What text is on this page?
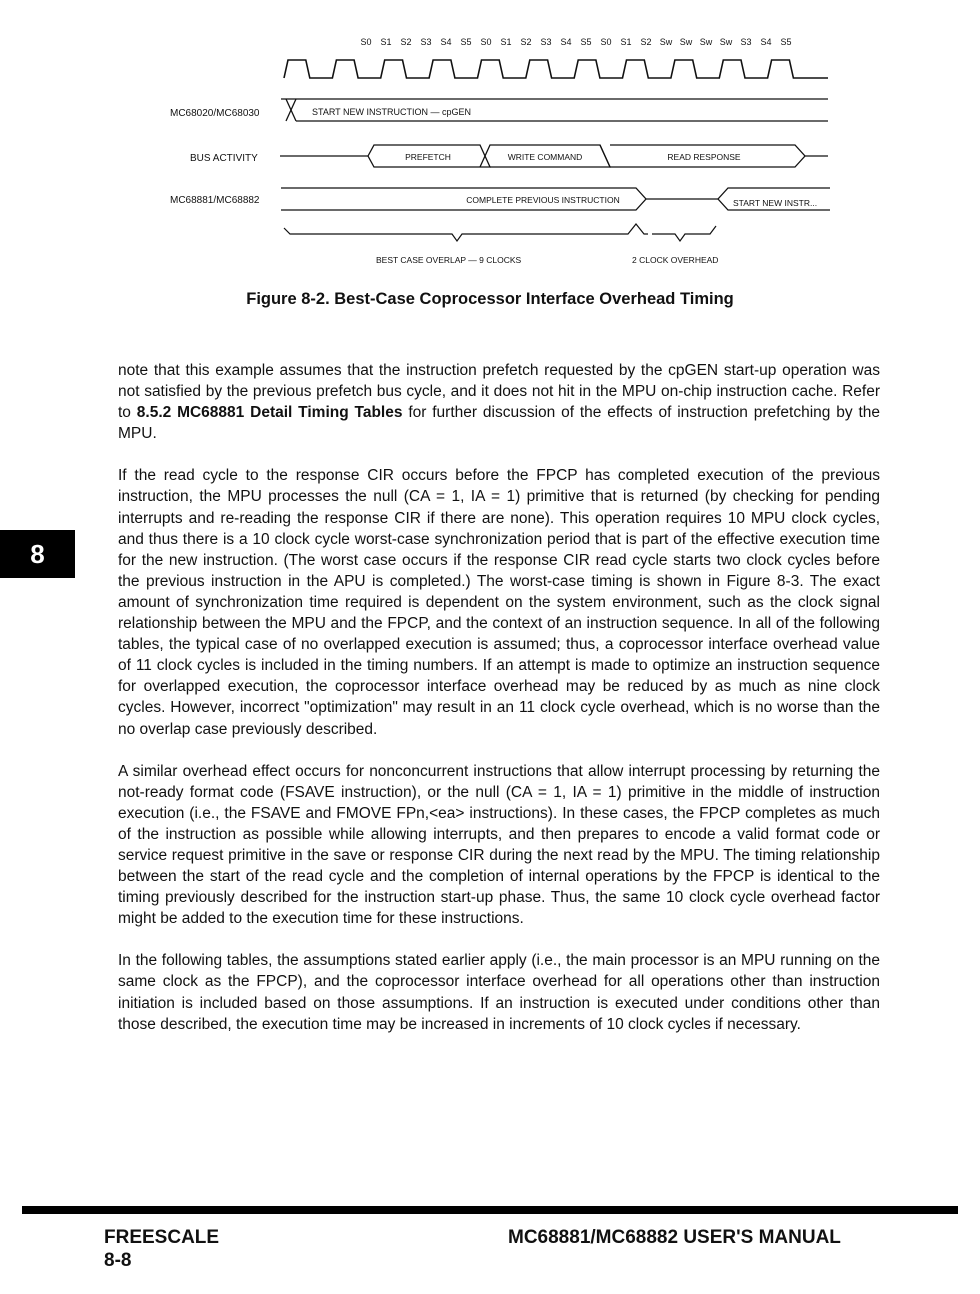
S0 S1 S2 S3 S4 S5 S0 S1 S2 S3 S4 S5 S0 S1 S2 Sw Sw Sw Sw S3 S4 S5
MC68020/MC68030	START NEW INSTRUCTION — cpGEN
BUS ACTIVITY	PREFETCH	WRITE COMMAND	READ RESPONSE
MC68881/MC68882	COMPLETE PREVIOUS INSTRUCTION	START NEW INSTR...
BEST CASE OVERLAP — 9 CLOCKS	2 CLOCK OVERHEAD
Figure 8-2. Best-Case Coprocessor Interface Overhead Timing

note that this example assumes that the instruction prefetch requested by the cpGEN start-up operation was not satisfied by the previous prefetch bus cycle, and it does not hit in the MPU on-chip instruction cache. Refer to 8.5.2 MC68881 Detail Timing Tables for further discussion of the effects of instruction prefetching by the MPU.

If the read cycle to the response CIR occurs before the FPCP has completed execution of the previous instruction, the MPU processes the null (CA = 1, IA = 1) primitive that is returned (by checking for pending interrupts and re-reading the response CIR if there are none). This operation requires 10 MPU clock cycles, and thus there is a 10 clock cycle worst-case synchronization period that is part of the effective execution time for the new instruction. (The worst case occurs if the response CIR read cycle starts two clock cycles before the previous instruction in the APU is completed.) The worst-case timing is shown in Figure 8-3. The exact amount of synchronization time required is dependent on the system environment, such as the clock signal relationship between the MPU and the FPCP, and the context of an instruction sequence. In all of the following tables, the typical case of no overlapped execution is assumed; thus, a coprocessor interface overhead value of 11 clock cycles is included in the timing numbers. If an attempt is made to optimize an instruction sequence for overlapped execution, the coprocessor interface overhead may be reduced by as much as nine clock cycles. However, incorrect "optimization" may result in an 11 clock cycle overhead, which is no worse than the no overlap case previously described.

A similar overhead effect occurs for nonconcurrent instructions that allow interrupt processing by returning the not-ready format code (FSAVE instruction), or the null (CA = 1, IA = 1) primitive in the middle of instruction execution (i.e., the FSAVE and FMOVE FPn,<ea> instructions). In these cases, the FPCP completes as much of the instruction as possible while allowing interrupts, and then prepares to encode a valid format code or service request primitive in the save or response CIR during the next read by the MPU. The timing relationship between the start of the read cycle and the completion of internal operations by the FPCP is identical to the timing previously described for the instruction start-up phase. Thus, the same 10 clock cycle overhead factor might be added to the execution time for these instructions.

In the following tables, the assumptions stated earlier apply (i.e., the main processor is an MPU running on the same clock as the FPCP), and the coprocessor interface overhead for all operations other than instruction initiation is included based on those assumptions. If an instruction is executed under conditions other than those described, the execution time may be increased in increments of 10 clock cycles if necessary.

8
FREESCALE
8-8
MC68881/MC68882 USER'S MANUAL
